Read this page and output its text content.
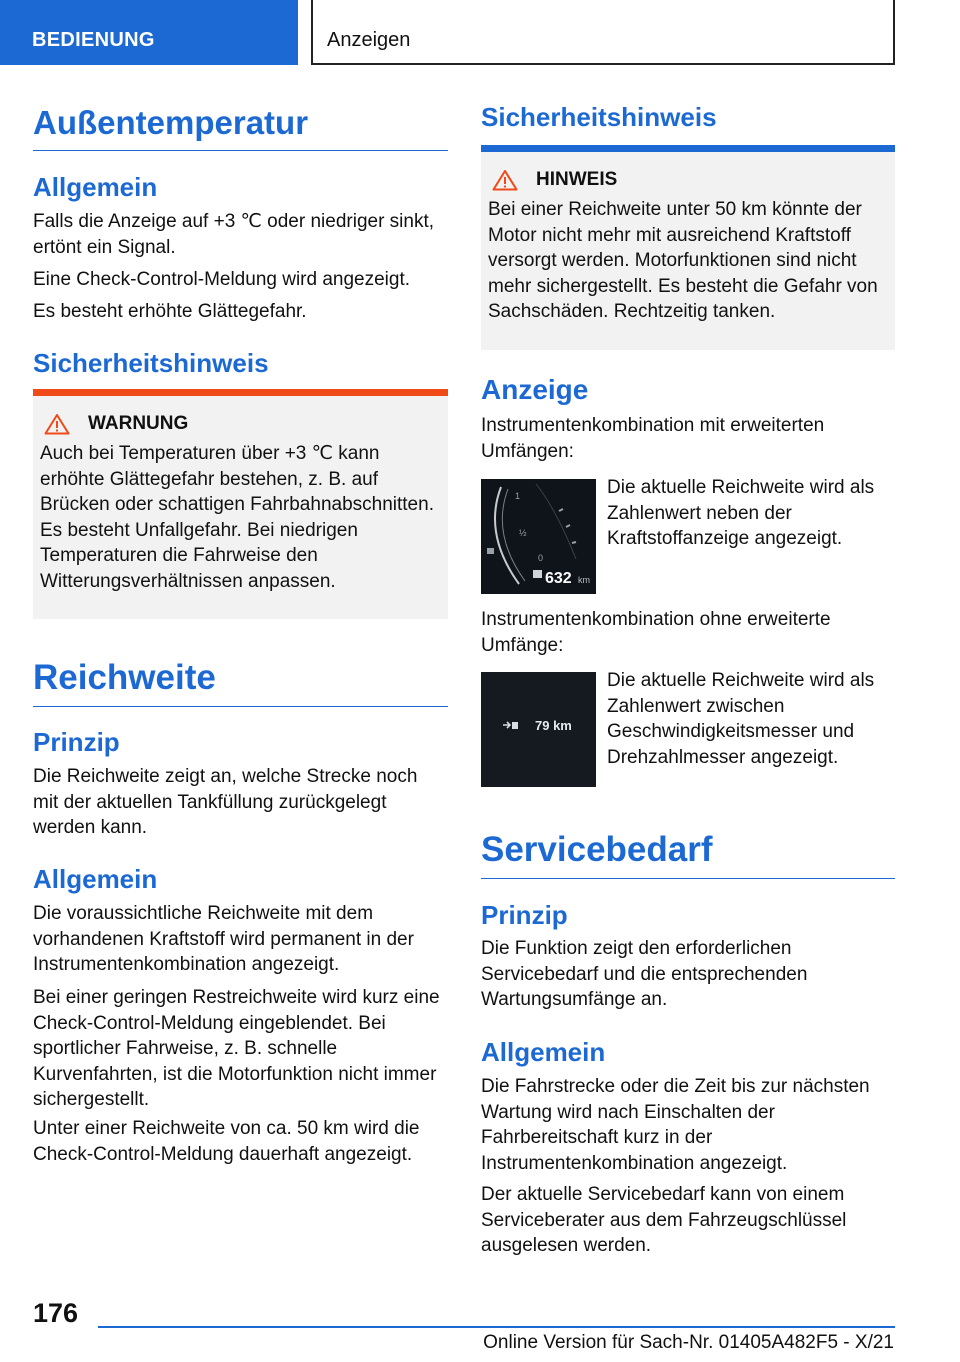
BEDIENUNG	Anzeigen
Außentemperatur
Allgemein

Falls die Anzeige auf +3 ℃ oder niedriger sinkt, ertönt ein Signal.

Eine Check-Control-Meldung wird angezeigt.

Es besteht erhöhte Glättegefahr.

Sicherheitshinweis
WARNUNG
Auch bei Temperaturen über +3 ℃ kann erhöhte Glättegefahr bestehen, z. B. auf Brücken oder schattigen Fahrbahnabschnitten. Es besteht Unfallgefahr. Bei niedrigen Temperaturen die Fahrweise den Witterungsverhältnissen anpassen.
Reichweite
Prinzip

Die Reichweite zeigt an, welche Strecke noch mit der aktuellen Tankfüllung zurückgelegt werden kann.

Allgemein

Die voraussichtliche Reichweite mit dem vorhandenen Kraftstoff wird permanent in der Instrumentenkombination angezeigt.

Bei einer geringen Restreichweite wird kurz eine Check-Control-Meldung eingeblendet. Bei sportlicher Fahrweise, z. B. schnelle Kurvenfahrten, ist die Motorfunktion nicht immer sichergestellt.

Unter einer Reichweite von ca. 50 km wird die Check-Control-Meldung dauerhaft angezeigt.

Sicherheitshinweis
HINWEIS
Bei einer Reichweite unter 50 km könnte der Motor nicht mehr mit ausreichend Kraftstoff versorgt werden. Motorfunktionen sind nicht mehr sichergestellt. Es besteht die Gefahr von Sachschäden. Rechtzeitig tanken.
Anzeige

Instrumentenkombination mit erweiterten Umfängen:

1
½
0
632 km
Die aktuelle Reichweite wird als Zahlenwert neben der Kraftstoffanzeige angezeigt.

Instrumentenkombination ohne erweiterte Umfänge:

79 km
Die aktuelle Reichweite wird als Zahlenwert zwischen Geschwindigkeitsmesser und Drehzahlmesser angezeigt.
Servicebedarf
Prinzip

Die Funktion zeigt den erforderlichen Servicebedarf und die entsprechenden Wartungsumfänge an.

Allgemein

Die Fahrstrecke oder die Zeit bis zur nächsten Wartung wird nach Einschalten der Fahrbereitschaft kurz in der Instrumentenkombination angezeigt.

Der aktuelle Servicebedarf kann von einem Serviceberater aus dem Fahrzeugschlüssel ausgelesen werden.

176
Online Version für Sach-Nr. 01405A482F5 - X/21
